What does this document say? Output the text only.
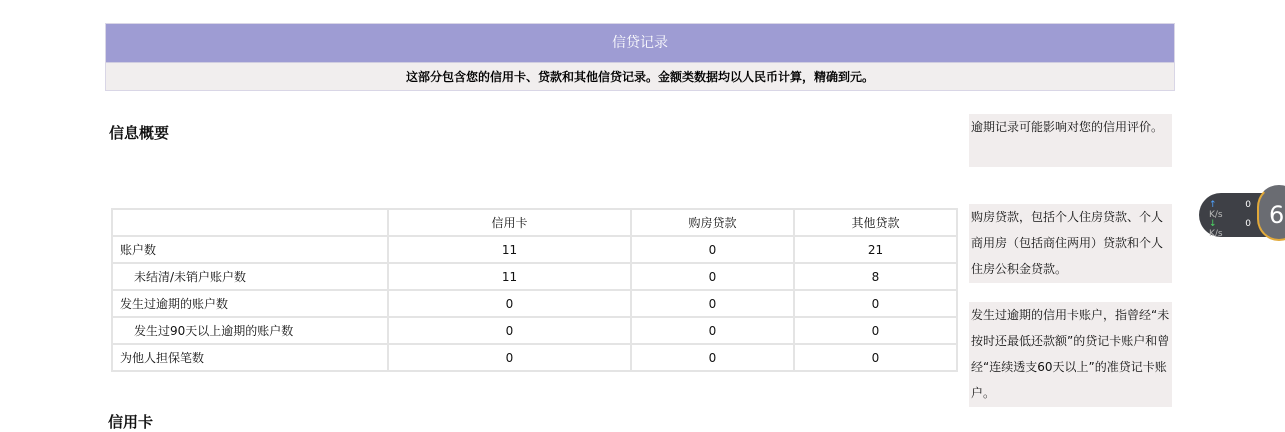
信贷记录
这部分包含您的信用卡、贷款和其他信贷记录。金额类数据均以人民币计算，精确到元。
信息概要
	信用卡	购房贷款	其他贷款
账户数	11	0	21
未结清/未销户账户数	11	0	8
发生过逾期的账户数	0	0	0
发生过90天以上逾期的账户数	0	0	0
为他人担保笔数	0	0	0
逾期记录可能影响对您的信用评价。
购房贷款，包括个人住房贷款、个人商用房（包括商住两用）贷款和个人住房公积金贷款。
发生过逾期的信用卡账户，指曾经“未按时还最低还款额”的贷记卡账户和曾经“连续透支60天以上”的准贷记卡账户。
信用卡
↑	0K/s
↓	0K/s
6
